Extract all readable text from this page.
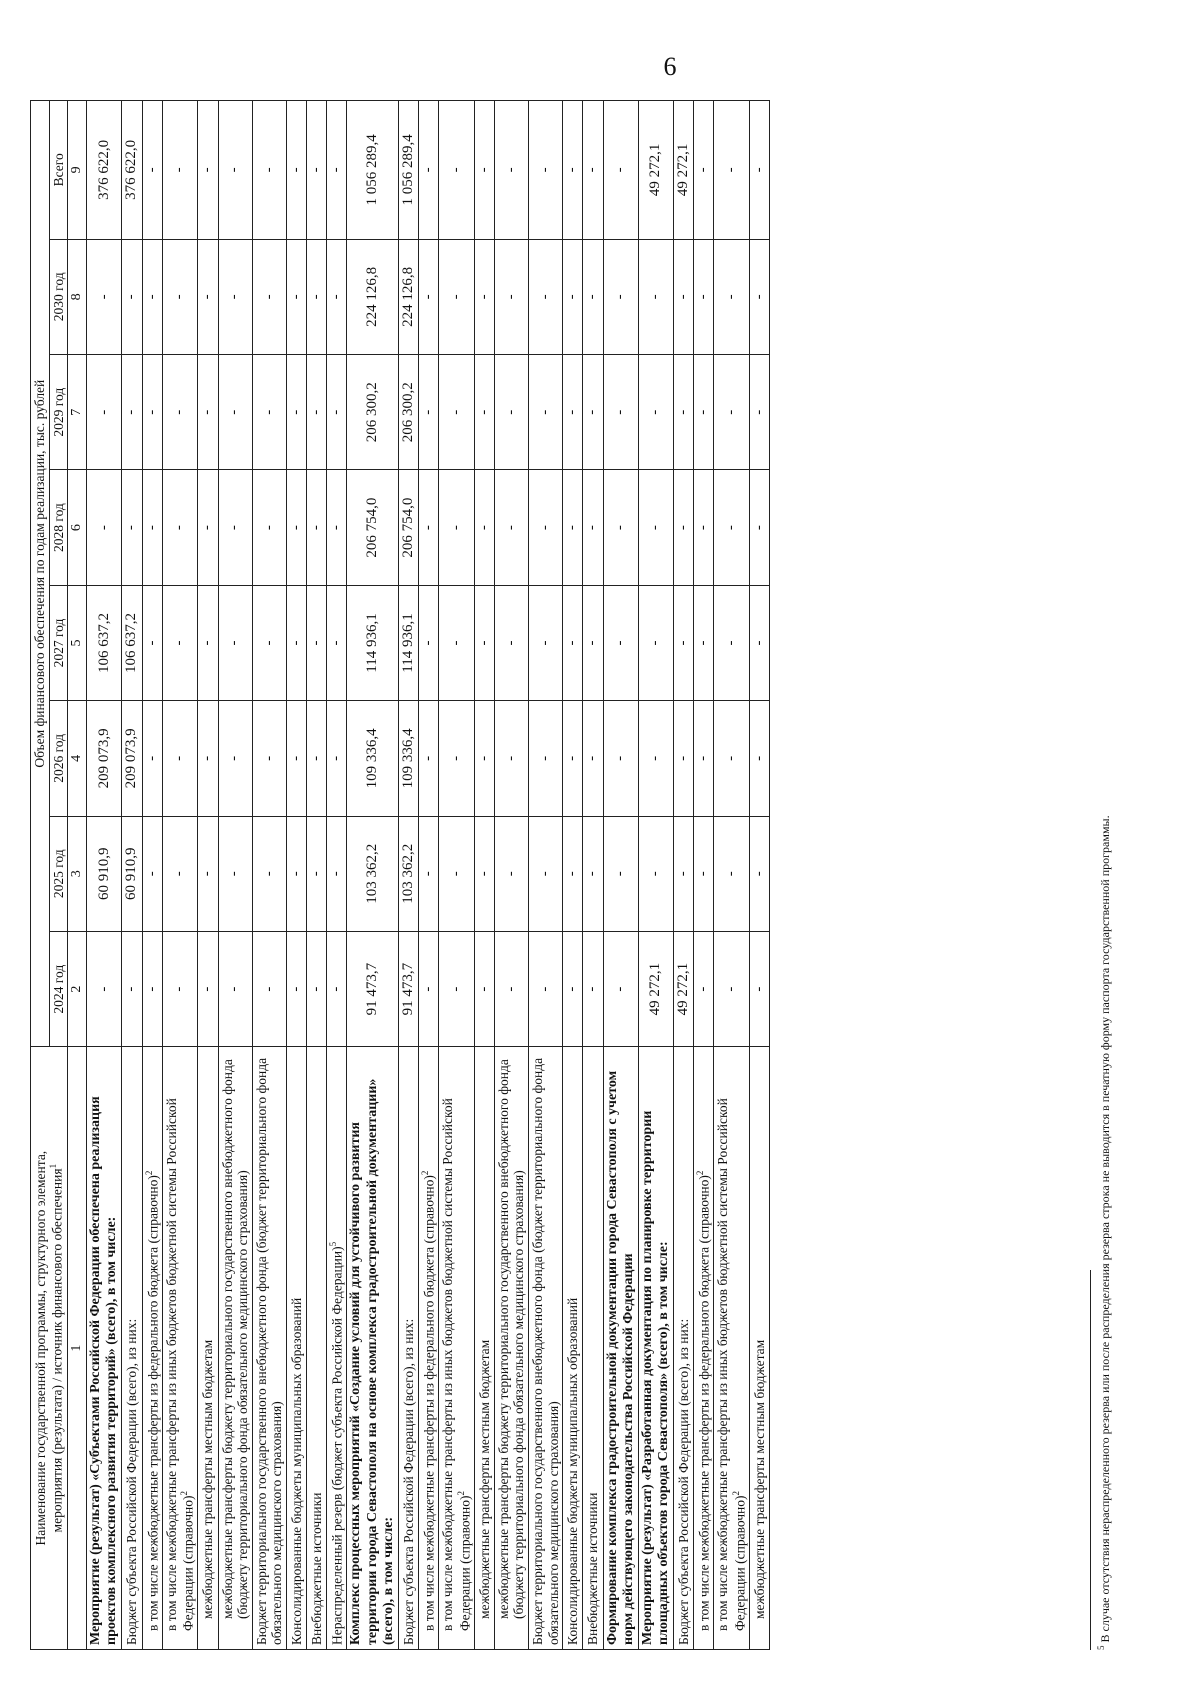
6
Наименование государственной программы, структурного элемента, мероприятия (результата) / источник финансового обеспечения$^1$	Объем финансового обеспечения по годам реализации, тыс. рублей							
	2024 год	2025 год	2026 год	2027 год	2028 год	2029 год	2030 год	Всего
1	2	3	4	5	6	7	8	9
Мероприятие (результат) «Субъектами Российской Федерации обеспечена реализация проектов комплексного развития территорий» (всего), в том числе:	-	60 910,9	209 073,9	106 637,2	-	-	-	376 622,0
Бюджет субъекта Российской Федерации (всего), из них:	-	60 910,9	209 073,9	106 637,2	-	-	-	376 622,0
в том числе межбюджетные трансферты из федерального бюджета (справочно)$^2$	-	-	-	-	-	-	-	-
в том числе межбюджетные трансферты из иных бюджетов бюджетной системы Российской Федерации (справочно)$^2$	-	-	-	-	-	-	-	-
межбюджетные трансферты местным бюджетам	-	-	-	-	-	-	-	-
межбюджетные трансферты бюджету территориального государственного внебюджетного фонда (бюджету территориального фонда обязательного медицинского страхования)	-	-	-	-	-	-	-	-
Бюджет территориального государственного внебюджетного фонда (бюджет территориального фонда обязательного медицинского страхования)	-	-	-	-	-	-	-	-
Консолидированные бюджеты муниципальных образований	-	-	-	-	-	-	-	-
Внебюджетные источники	-	-	-	-	-	-	-	-
Нераспределенный резерв (бюджет субъекта Российской Федерации)$^5$	-	-	-	-	-	-	-	-
Комплекс процессных мероприятий «Создание условий для устойчивого развития территории города Севастополя на основе комплекса градостроительной документации» (всего), в том числе:	91 473,7	103 362,2	109 336,4	114 936,1	206 754,0	206 300,2	224 126,8	1 056 289,4
Бюджет субъекта Российской Федерации (всего), из них:	91 473,7	103 362,2	109 336,4	114 936,1	206 754,0	206 300,2	224 126,8	1 056 289,4
в том числе межбюджетные трансферты из федерального бюджета (справочно)$^2$	-	-	-	-	-	-	-	-
в том числе межбюджетные трансферты из иных бюджетов бюджетной системы Российской Федерации (справочно)$^2$	-	-	-	-	-	-	-	-
межбюджетные трансферты местным бюджетам	-	-	-	-	-	-	-	-
межбюджетные трансферты бюджету территориального государственного внебюджетного фонда (бюджету территориального фонда обязательного медицинского страхования)	-	-	-	-	-	-	-	-
Бюджет территориального государственного внебюджетного фонда (бюджет территориального фонда обязательного медицинского страхования)	-	-	-	-	-	-	-	-
Консолидированные бюджеты муниципальных образований	-	-	-	-	-	-	-	-
Внебюджетные источники	-	-	-	-	-	-	-	-
Формирование комплекса градостроительной документации города Севастополя с учетом норм действующего законодательства Российской Федерации	-	-	-	-	-	-	-	-
Мероприятие (результат) «Разработанная документация по планировке территории площадных объектов города Севастополя» (всего), в том числе:	49 272,1	-	-	-	-	-	-	49 272,1
Бюджет субъекта Российской Федерации (всего), из них:	49 272,1	-	-	-	-	-	-	49 272,1
в том числе межбюджетные трансферты из федерального бюджета (справочно)$^2$	-	-	-	-	-	-	-	-
в том числе межбюджетные трансферты из иных бюджетов бюджетной системы Российской Федерации (справочно)$^2$	-	-	-	-	-	-	-	-
межбюджетные трансферты местным бюджетам	-	-	-	-	-	-	-	-
$^5$ В случае отсутствия нераспределенного резерва или после распределения резерва строка не выводится в печатную форму паспорта государственной программы.
